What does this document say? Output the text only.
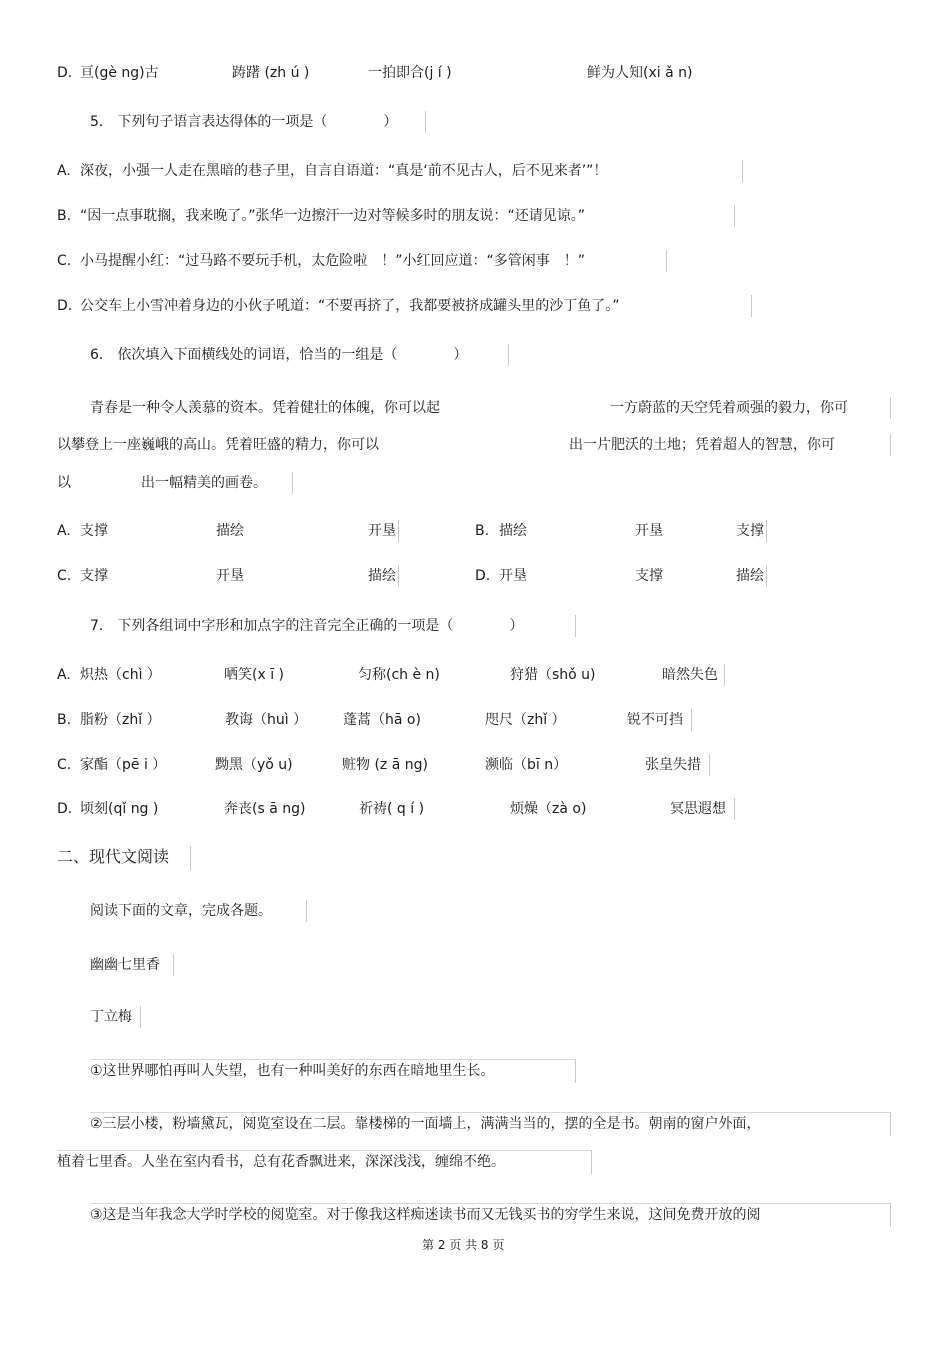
D. 亘(gè ng)古	踌躇 (zh ú )	一拍即合(j í )	鲜为人知(xi ǎ n)
5． 下列句子语言表达得体的一项是（　　　　）
A. 深夜，小强一人走在黑暗的巷子里，自言自语道：“真是‘前不见古人，后不见来者’”！
B. “因一点事耽搁，我来晚了。”张华一边擦汗一边对等候多时的朋友说：“还请见谅。”
C. 小马提醒小红：“过马路不要玩手机，太危险啦　！”小红回应道：“多管闲事　！”
D. 公交车上小雪冲着身边的小伙子吼道：“不要再挤了，我都要被挤成罐头里的沙丁鱼了。”
6． 依次填入下面横线处的词语，恰当的一组是（　　　　）
青春是一种令人羡慕的资本。凭着健壮的体魄，你可以起	一方蔚蓝的天空凭着顽强的毅力，你可
以攀登上一座巍峨的高山。凭着旺盛的精力，你可以	出一片肥沃的土地；凭着超人的智慧，你可
以	出一幅精美的画卷。
A. 支撑	描绘	开垦	B. 描绘	开垦	支撑
C. 支撑	开垦	描绘	D. 开垦	支撑	描绘
7． 下列各组词中字形和加点字的注音完全正确的一项是（　　　　）
A. 炽热（chì ）	哂笑(x ī )	匀称(ch è n)	狩猎（shǒ u)	暗然失色
B. 脂粉（zhǐ ）	教诲（huì ）	蓬蒿（hā o)	咫尺（zhǐ ）	锐不可挡
C. 家酯（pē i ）	黝黑（yǒ u)	赃物 (z ā ng)	濒临（bī n）	张皇失措
D. 顷刻(qǐ ng )	奔丧(s ā ng)	祈祷( q í )	烦燥（zà o)	冥思遐想
二、现代文阅读
阅读下面的文章，完成各题。
幽幽七里香
丁立梅
①这世界哪怕再叫人失望，也有一种叫美好的东西在暗地里生长。
②三层小楼，粉墙黛瓦，阅览室设在二层。靠楼梯的一面墙上，满满当当的，摆的全是书。朝南的窗户外面，
植着七里香。人坐在室内看书，总有花香飘进来，深深浅浅，缠绵不绝。
③这是当年我念大学时学校的阅览室。对于像我这样痴迷读书而又无钱买书的穷学生来说，这间免费开放的阅
第 2 页 共 8 页
